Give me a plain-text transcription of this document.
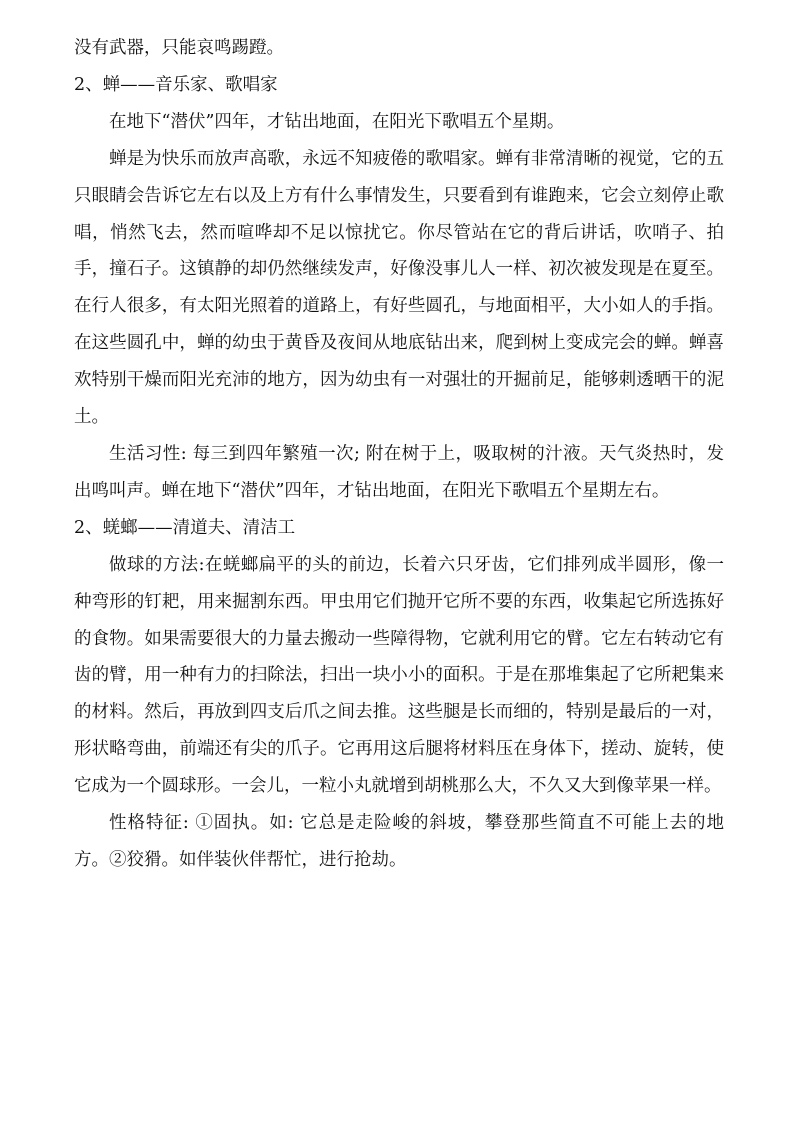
没有武器，只能哀鸣踢蹬。

2、蝉——音乐家、歌唱家

在地下“潜伏”四年，才钻出地面，在阳光下歌唱五个星期。

蝉是为快乐而放声高歌，永远不知疲倦的歌唱家。蝉有非常清晰的视觉，它的五只眼睛会告诉它左右以及上方有什么事情发生，只要看到有谁跑来，它会立刻停止歌唱，悄然飞去，然而喧哗却不足以惊扰它。你尽管站在它的背后讲话，吹哨子、拍手，撞石子。这镇静的却仍然继续发声，好像没事儿人一样、初次被发现是在夏至。在行人很多，有太阳光照着的道路上，有好些圆孔，与地面相平，大小如人的手指。在这些圆孔中，蝉的幼虫于黄昏及夜间从地底钻出来，爬到树上变成完会的蝉。蝉喜欢特别干燥而阳光充沛的地方，因为幼虫有一对强壮的开掘前足，能够刺透晒干的泥土。

生活习性: 每三到四年繁殖一次; 附在树于上，吸取树的汁液。天气炎热时，发出鸣叫声。蝉在地下“潜伏”四年，才钻出地面，在阳光下歌唱五个星期左右。

2、蜣螂——清道夫、清洁工

做球的方法:在蜣螂扁平的头的前边，长着六只牙齿，它们排列成半圆形，像一种弯形的钉耙，用来掘割东西。甲虫用它们抛开它所不要的东西，收集起它所选拣好的食物。如果需要很大的力量去搬动一些障得物，它就利用它的臂。它左右转动它有齿的臂，用一种有力的扫除法，扫出一块小小的面积。于是在那堆集起了它所耙集来的材料。然后，再放到四支后爪之间去推。这些腿是长而细的，特别是最后的一对，形状略弯曲，前端还有尖的爪子。它再用这后腿将材料压在身体下，搓动、旋转，使它成为一个圆球形。一会儿，一粒小丸就增到胡桃那么大，不久又大到像苹果一样。

性格特征: ①固执。如: 它总是走险峻的斜坡，攀登那些简直不可能上去的地方。②狡猾。如伴装伙伴帮忙，进行抢劫。
